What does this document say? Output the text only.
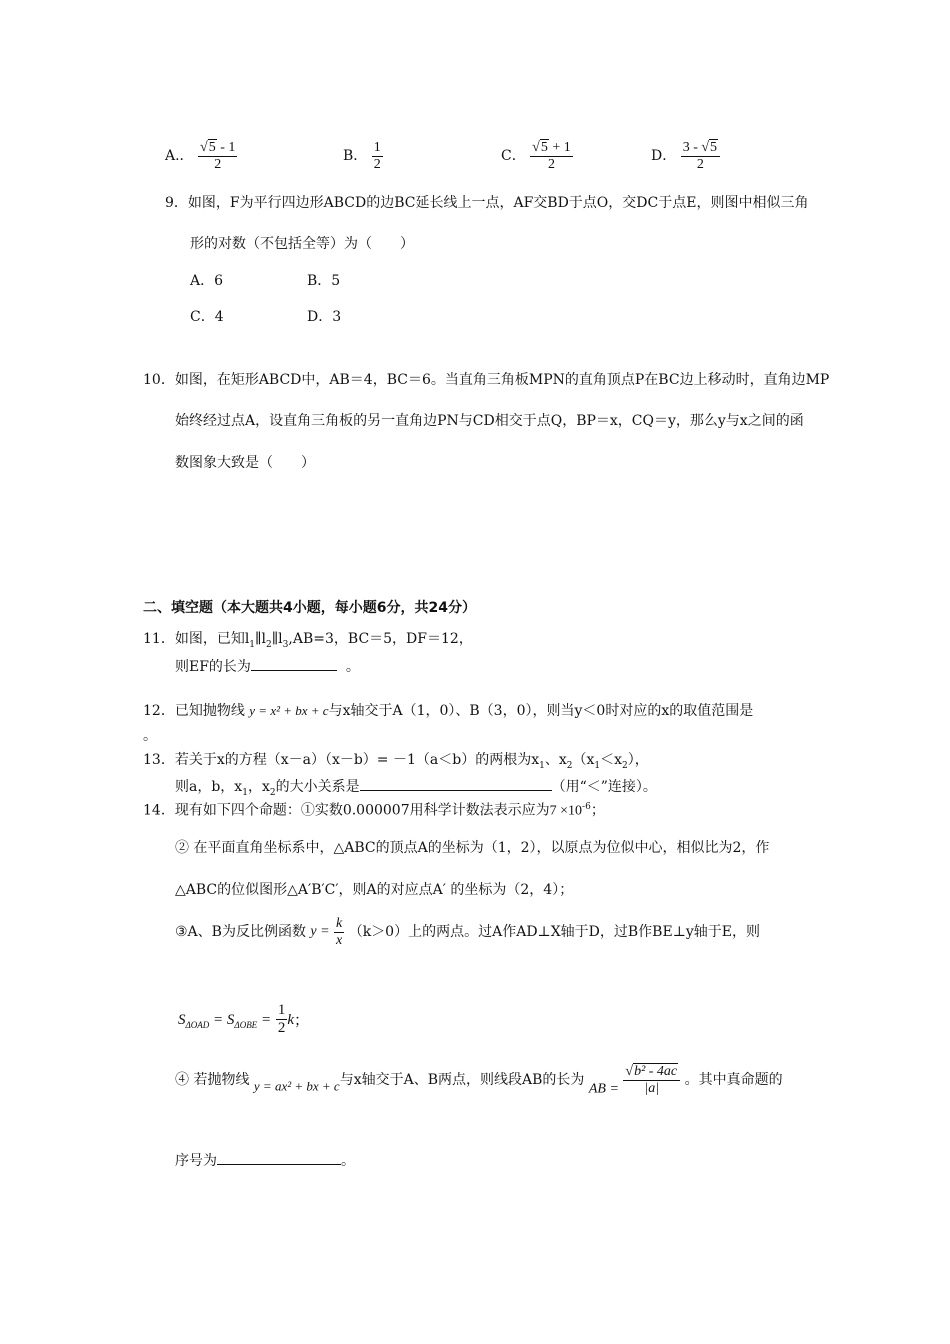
A.． $\frac{√5 - 1}{2}$	B． $\frac{1}{2}$	C． $\frac{√5 + 1}{2}$	D． $\frac{3 - √5}{2}$
9．如图，F为平行四边形ABCD的边BC延长线上一点，AF交BD于点O，交DC于点E，则图中相似三角
形的对数（不包括全等）为（　　）
A．6	B．5
C．4	D．3
10．如图，在矩形ABCD中，AB＝4，BC＝6。当直角三角板MPN的直角顶点P在BC边上移动时，直角边MP
始终经过点A，设直角三角板的另一直角边PN与CD相交于点Q，BP＝x，CQ＝y，那么y与x之间的函
数图象大致是（　　）
二、填空题（本大题共4小题，每小题6分，共24分）
11．如图，已知$l_1\parallel l_2\parallel l_3,AB=3$，BC＝5，DF＝12，
则EF的长为	。
12．已知抛物线 y = x² + bx + c与x轴交于A（1，0）、B（3，0），则当y＜0时对应的x的取值范围是
。
13．若关于x的方程（x－a）（x－b）= －1（a＜b）的两根为$x_1$、$x_2(x_1<x_2)$，
则a，b，$x_1$，$x_2$的大小关系是	（用“＜”连接）。
14．现有如下四个命题：①实数0.000007用科学计数法表示应为$7 \times 10^{-6}$；
② 在平面直角坐标系中，△ABC的顶点A的坐标为（1，2），以原点为位似中心，相似比为2，作
△ABC的位似图形△A′B′C′，则A的对应点A′ 的坐标为（2，4）；
③A、B为反比例函数 $y = \frac{k}{x} (k>0)$上的两点。过A作AD⊥X轴于D，过B作BE⊥y轴于E，则
$S_{\Delta OAD} = S_{\Delta OBE} = \frac{1}{2}$ k；
④ 若抛物线 y = ax² + bx + c与x轴交于A、B两点，则线段AB的长为 AB = $\frac{\text{√b² - 4ac}}{|a|}$ 。其中真命题的
序号为	。
